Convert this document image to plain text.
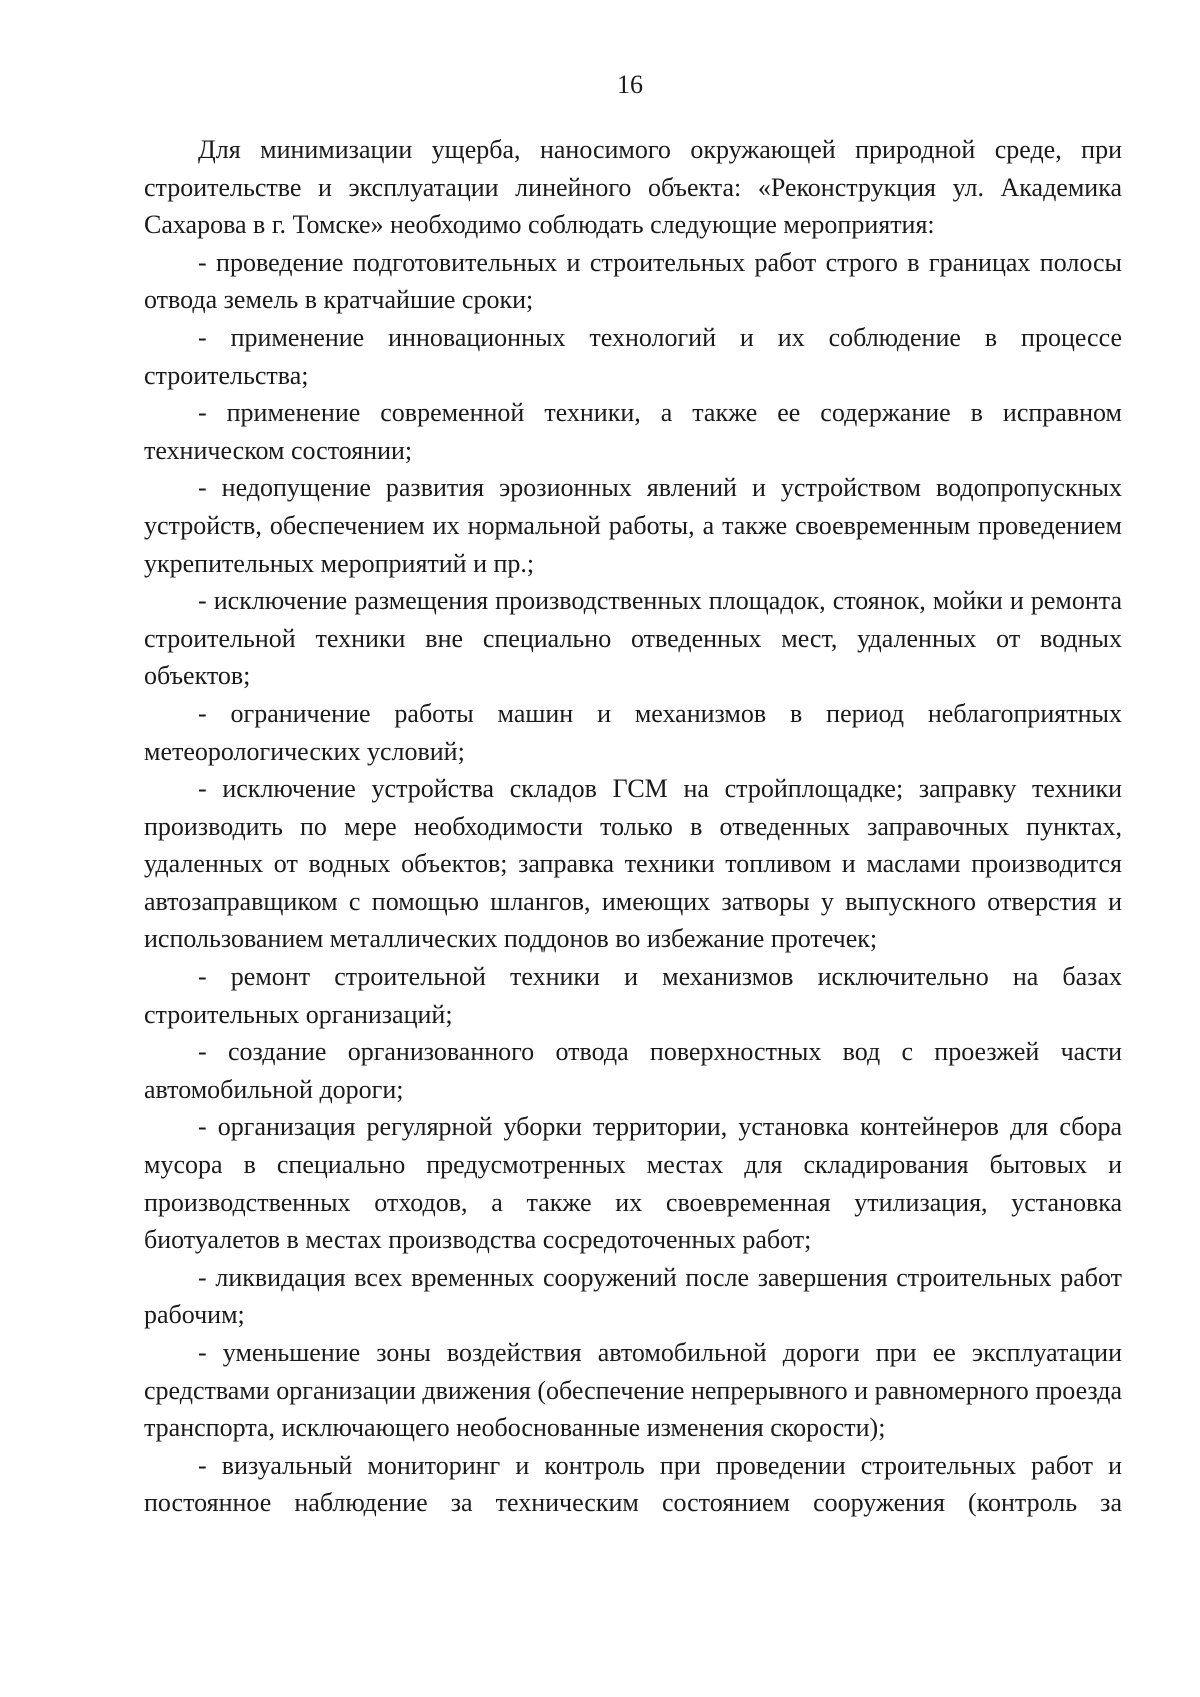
16

Для минимизации ущерба, наносимого окружающей природной среде, при строительстве и эксплуатации линейного объекта: «Реконструкция ул. Академика Сахарова в г. Томске» необходимо соблюдать следующие мероприятия:

- проведение подготовительных и строительных работ строго в границах полосы отвода земель в кратчайшие сроки;

- применение инновационных технологий и их соблюдение в процессе строительства;

- применение современной техники, а также ее содержание в исправном техническом состоянии;

- недопущение развития эрозионных явлений и устройством водопропускных устройств, обеспечением их нормальной работы, а также своевременным проведением укрепительных мероприятий и пр.;

- исключение размещения производственных площадок, стоянок, мойки и ремонта строительной техники вне специально отведенных мест, удаленных от водных объектов;

- ограничение работы машин и механизмов в период неблагоприятных метеорологических условий;

- исключение устройства складов ГСМ на стройплощадке; заправку техники производить по мере необходимости только в отведенных заправочных пунктах, удаленных от водных объектов; заправка техники топливом и маслами производится автозаправщиком с помощью шлангов, имеющих затворы у выпускного отверстия и использованием металлических поддонов во избежание протечек;

- ремонт строительной техники и механизмов исключительно на базах строительных организаций;

- создание организованного отвода поверхностных вод с проезжей части автомобильной дороги;

- организация регулярной уборки территории, установка контейнеров для сбора мусора в специально предусмотренных местах для складирования бытовых и производственных отходов, а также их своевременная утилизация, установка биотуалетов в местах производства сосредоточенных работ;

- ликвидация всех временных сооружений после завершения строительных работ рабочим;

- уменьшение зоны воздействия автомобильной дороги при ее эксплуатации средствами организации движения (обеспечение непрерывного и равномерного проезда транспорта, исключающего необоснованные изменения скорости);

- визуальный мониторинг и контроль при проведении строительных работ и постоянное наблюдение за техническим состоянием сооружения (контроль за
